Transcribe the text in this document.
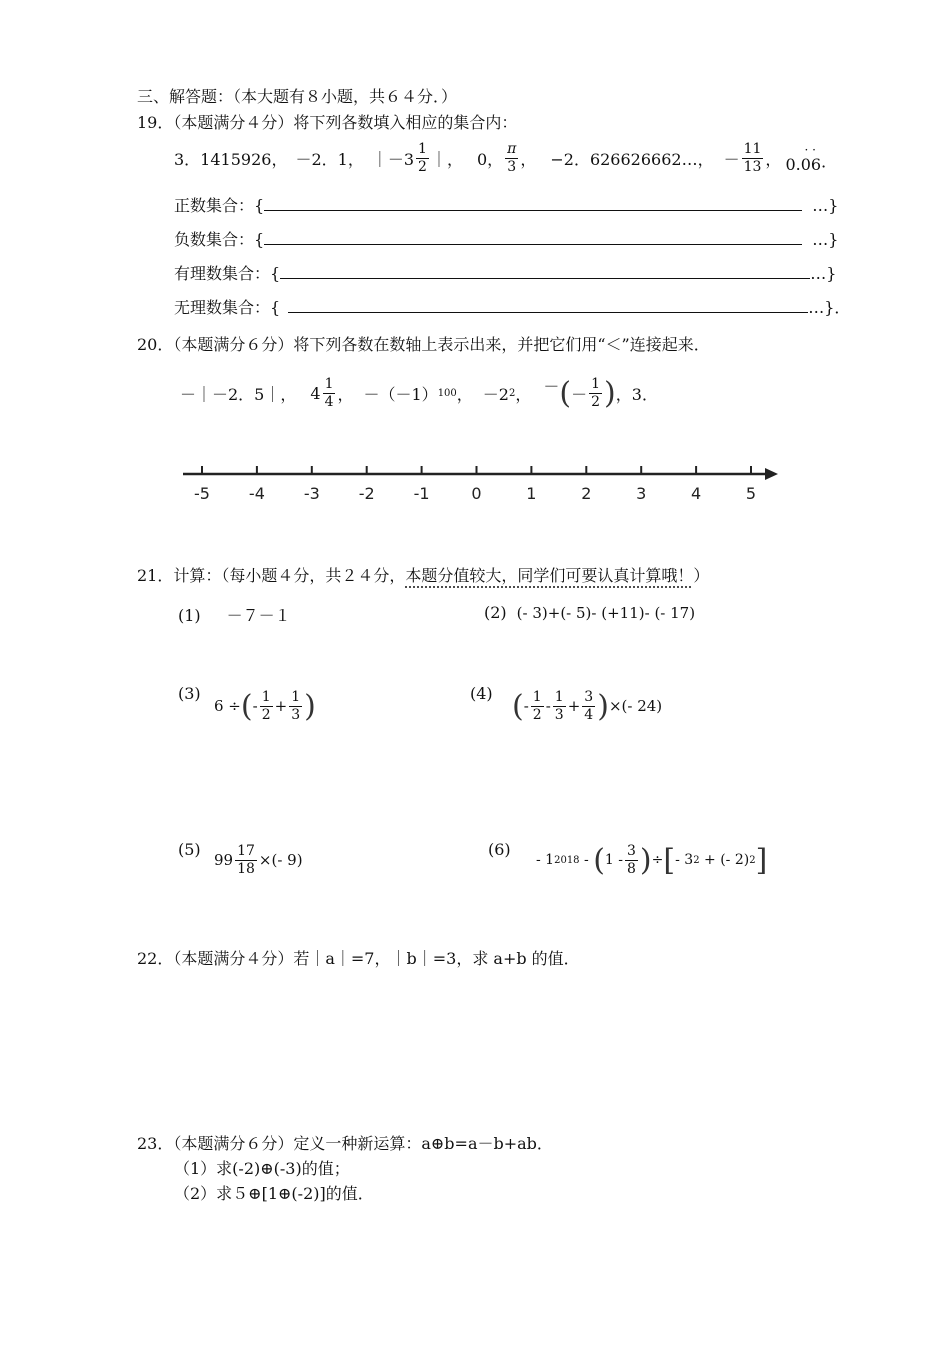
三、解答题：（本大题有８小题，共６４分．）
19．（本题满分４分）将下列各数填入相应的集合内：
3．1415926， －2．1， ｜－3 $\frac{1}{2}$ ｜， 0， $\frac{\pi}{3}$ ， −2．626626662…， － $\frac{11}{13}$ ， 0.06
· ·
．
正数集合：{	…}
负数集合：{	…}
有理数集合：{	…}
无理数集合：{	…}．
20．（本题满分６分）将下列各数在数轴上表示出来，并把它们用“＜”连接起来．
－｜－2．5｜， $4 \frac{1}{4}$ ， －（－1） 100 ， －2 2 ， － ( － $\frac{1}{2}$ ) ，3．
-5 -4 -3 -2 -1	0	1	2	3	4	5
21．计算：（每小题４分，共２４分，本题分值较大，同学们可要认真计算哦！）
(1) －７－１	(2) (- 3)+(- 5)- (+11)- (- 17)
(3)
6 ÷ ( - $\frac{1}{2} + \frac{1}{3}$ )	(4) ( - $\frac{1}{2} - \frac{1}{3} + \frac{3}{4}$ ) ×(- 24)
(5)
$99 \frac{17}{18}$ ×(- 9)
(6)
- 1 2018 - ( $1 - \frac{3}{8}$ ) ÷ [ - 3 2 + (- 2) 2 ]
22．（本题满分４分）若｜a｜=7，｜b｜=3，求 a+b 的值．
23．（本题满分６分）定义一种新运算：a⊕b=a－b+ab．
（1）求(-2)⊕(-3)的值；
（2）求５⊕[1⊕(-2)]的值．
